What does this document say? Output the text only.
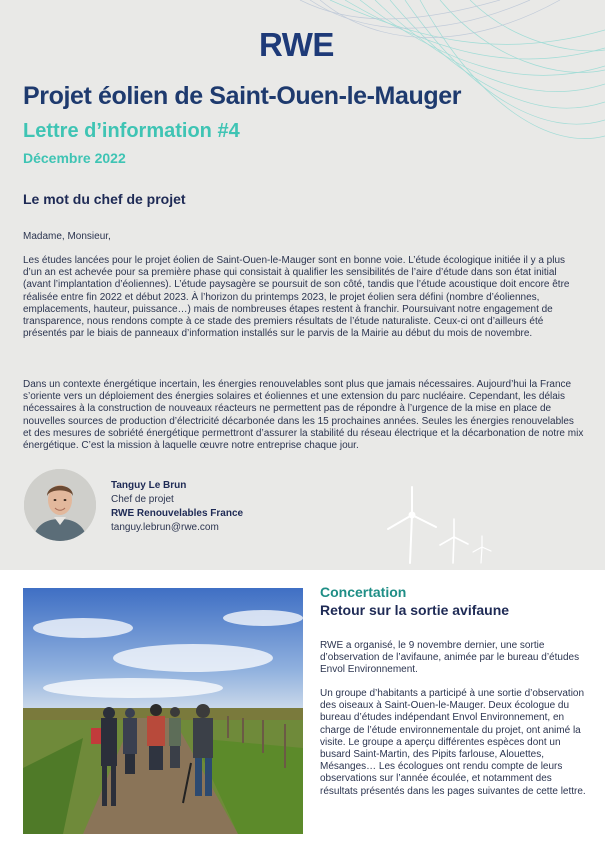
RWE
Projet éolien de Saint-Ouen-le-Mauger
Lettre d’information #4
Décembre 2022
Le mot du chef de projet
Madame, Monsieur,

Les études lancées pour le projet éolien de Saint-Ouen-le-Mauger sont en bonne voie. L’étude écologique initiée il y a plus d’un an est achevée pour sa première phase qui consistait à qualifier les sensibilités de l’aire d’étude dans son état initial (avant l’implantation d’éoliennes). L’étude paysagère se poursuit de son côté, tandis que l’étude acoustique doit encore être réalisée entre fin 2022 et début 2023. À l’horizon du printemps 2023, le projet éolien sera défini (nombre d’éoliennes, emplacements, hauteur, puissance…) mais de nombreuses étapes restent à franchir. Poursuivant notre engagement de transparence, nous rendons compte à ce stade des premiers résultats de l’étude naturaliste. Ceux-ci ont d’ailleurs été présentés par le biais de panneaux d’information installés sur le parvis de la Mairie au début du mois de novembre.

Dans un contexte énergétique incertain, les énergies renouvelables sont plus que jamais nécessaires. Aujourd’hui la France s’oriente vers un déploiement des énergies solaires et éoliennes et une extension du parc nucléaire. Cependant, les délais nécessaires à la construction de nouveaux réacteurs ne permettent pas de répondre à l’urgence de la mise en place de nouvelles sources de production d’électricité décarbonée dans les 15 prochaines années. Seules les énergies renouvelables et des mesures de sobriété énergétique permettront d’assurer la stabilité du réseau électrique et la décarbonation de notre mix énergétique. C’est la mission à laquelle œuvre notre entreprise chaque jour.

Tanguy Le Brun
Chef de projet
RWE Renouvelables France
tanguy.lebrun@rwe.com
Concertation
Retour sur la sortie avifaune

RWE a organisé, le 9 novembre dernier, une sortie d’observation de l’avifaune, animée par le bureau d’études Envol Environnement.

Un groupe d’habitants a participé à une sortie d’observation des oiseaux à Saint-Ouen-le-Mauger. Deux écologue du bureau d’études indépendant Envol Environnement, en charge de l’étude environnementale du projet, ont animé la visite. Le groupe a aperçu différentes espèces dont un busard Saint-Martin, des Pipits farlouse, Alouettes, Mésanges… Les écologues ont rendu compte de leurs observations sur l’année écoulée, et notamment des résultats présentés dans les pages suivantes de cette lettre.
